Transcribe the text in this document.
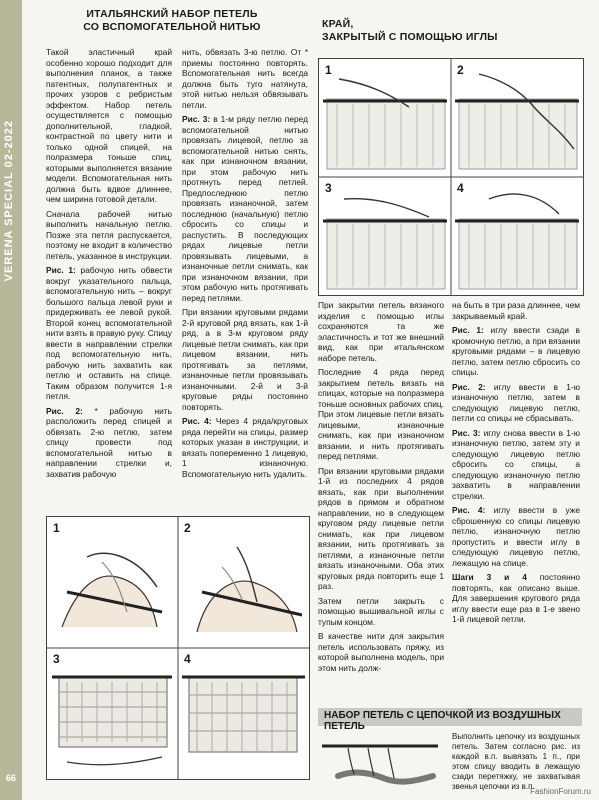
VERENA SPECIAL 02-2022
66
ИТАЛЬЯНСКИЙ НАБОР ПЕТЕЛЬ
СО ВСПОМОГАТЕЛЬНОЙ НИТЬЮ	КРАЙ,
ЗАКРЫТЫЙ С ПОМОЩЬЮ ИГЛЫ

Такой эластичный край особенно хорошо подходит для выполнения планок, а также патентных, полупатентных и прочих узоров с ребристым эффектом. Набор петель осуществляется с помощью дополнительной, гладкой, контрастной по цвету нити и только одной спицей, на полразмера тоньше спиц, которыми выполняется вязание модели. Вспомогательная нить должна быть вдвое длиннее, чем ширина готовой детали.

Сначала рабочей нитью выполнить начальную петлю. Позже эта петля распускается, поэтому не входит в количество петель, указанное в инструкции.

Рис. 1: рабочую нить обвести вокруг указательного пальца, вспомогательную нить – вокруг большого пальца левой руки и придерживать ее левой рукой. Второй конец вспомогательной нити взять в правую руку. Спицу ввести в направлении стрелки под вспомогательную нить, рабочую нить захватить как петлю и оставить на спице. Таким образом получится 1-я петля.

Рис. 2: * рабочую нить расположить перед спицей и обвязать 2-ю петлю, затем спицу провести под вспомогательной нитью в направлении стрелки и, захватив рабочую

нить, обвязать 3-ю петлю. От * приемы постоянно повторять. Вспомогательная нить всегда должна быть туго натянута, этой нитью нельзя обвязывать петли.

Рис. 3: в 1-м ряду петлю перед вспомогательной нитью провязать лицевой, петлю за вспомогательной нитью снять, как при изнаночном вязании, при этом рабочую нить протянуть перед петлей. Предпоследнюю петлю провязать изнаночной, затем последнюю (начальную) петлю сбросить со спицы и распустить. В последующих рядах лицевые петли провязывать лицевыми, а изнаночные петли снимать, как при изнаночном вязании, при этом рабочую нить протягивать перед петлями.

При вязании круговыми рядами 2-й круговой ряд вязать, как 1-й ряд, а в 3-м круговом ряду лицевые петли снимать, как при лицевом вязании, нить протягивать за петлями, изнаночные петли провязывать изнаночными. 2-й и 3-й круговые ряды постоянно повторять.

Рис. 4: Через 4 ряда/круговых ряда перейти на спицы, размер которых указан в инструкции, и вязать попеременно 1 лицевую, 1 изнаночную. Вспомогательную нить удалить.

1	2
3	4
1	2
3	4

При закрытии петель вязаного изделия с помощью иглы сохраняются та же эластичность и тот же внешний вид, как при итальянском наборе петель.

Последние 4 ряда перед закрытием петель вязать на спицах, которые на полразмера тоньше основных рабочих спиц. При этом лицевые петли вязать лицевыми, изнаночные снимать, как при изнаночном вязании, и нить протягивать перед петлями.

При вязании круговыми рядами 1-й из последних 4 рядов вязать, как при выполнении рядов в прямом и обратном направлении, но в следующем круговом ряду лицевые петли снимать, как при лицевом вязании, нить протягивать за петлями, а изнаночные петли вязать изнаночными. Оба этих круговых ряда повторить еще 1 раз.

Затем петли закрыть с помощью вышивальной иглы с тупым концом.

В качестве нити для закрытия петель использовать пряжу, из которой выполнена модель, при этом нить долж-

на быть в три раза длиннее, чем закрываемый край.

Рис. 1: иглу ввести сзади в кромочную петлю, а при вязании круговыми рядами – в лицевую петлю, затем петлю сбросить со спицы.

Рис. 2: иглу ввести в 1-ю изнаночную петлю, затем в следующую лицевую петлю, петли со спицы не сбрасывать.

Рис. 3: иглу снова ввести в 1-ю изнаночную петлю, затем эту и следующую лицевую петлю сбросить со спицы, а следующую изнаночную петлю захватить в направлении стрелки.

Рис. 4: иглу ввести в уже сброшенную со спицы лицевую петлю, изнаночную петлю пропустить и ввести иглу в следующую лицевую петлю, лежащую на спице.

Шаги 3 и 4 постоянно повторять, как описано выше. Для завершения кругового ряда иглу ввести еще раз в 1-е звено 1-й лицевой петли.

НАБОР ПЕТЕЛЬ С ЦЕПОЧКОЙ ИЗ ВОЗДУШНЫХ ПЕТЕЛЬ

Выполнить цепочку из воздушных петель. Затем согласно рис. из каждой в.п. вывязать 1 п., при этом спицу вводить в лежащую сзади перетяжку, не захватывая звенья цепочки из в.п.

FashionForum.ru
